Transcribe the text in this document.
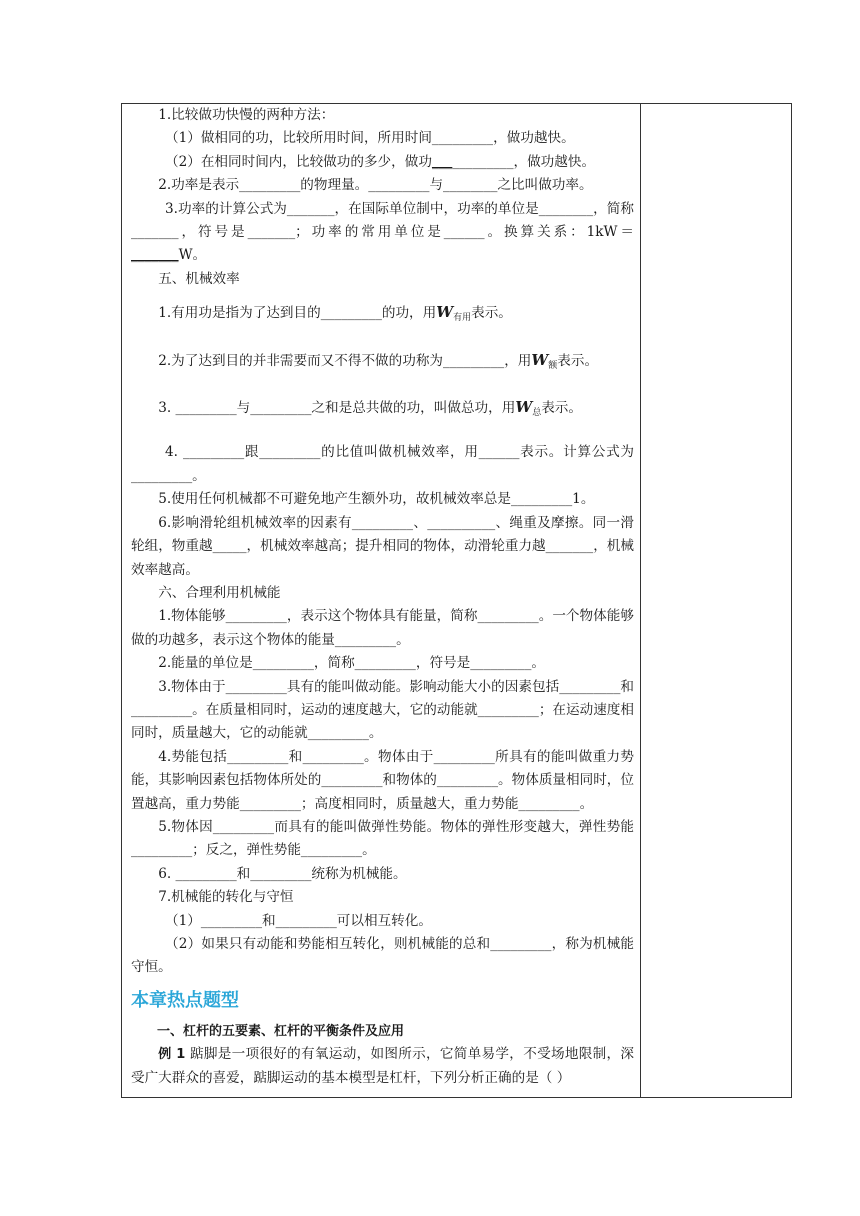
1.比较做功快慢的两种方法：

（1）做相同的功，比较所用时间，所用时间_________，做功越快。

（2）在相同时间内，比较做功的多少，做功____________，做功越快。

2.功率是表示_________的物理量。_________与________之比叫做功率。

3.功率的计算公式为_______，在国际单位制中，功率的单位是________，简称_______，符号是_______；功率的常用单位是______。换算关系：1kW＝_______W。

五、机械效率

1.有用功是指为了达到目的_________的功，用$W_{有用}$表示。

2.为了达到目的并非需要而又不得不做的功称为_________，用$W_额$表示。

3. _________与_________之和是总共做的功，叫做总功，用$W_总$表示。

4. _________跟_________的比值叫做机械效率，用______表示。计算公式为_________。

5.使用任何机械都不可避免地产生额外功，故机械效率总是_________1。

6.影响滑轮组机械效率的因素有_________、__________、绳重及摩擦。同一滑轮组，物重越_____，机械效率越高；提升相同的物体，动滑轮重力越_______，机械效率越高。

六、合理利用机械能

1.物体能够_________，表示这个物体具有能量，简称_________。一个物体能够做的功越多，表示这个物体的能量_________。

2.能量的单位是_________，简称_________，符号是_________。

3.物体由于_________具有的能叫做动能。影响动能大小的因素包括_________和_________。在质量相同时，运动的速度越大，它的动能就_________；在运动速度相同时，质量越大，它的动能就_________。

4.势能包括_________和_________。物体由于_________所具有的能叫做重力势能，其影响因素包括物体所处的_________和物体的_________。物体质量相同时，位置越高，重力势能_________；高度相同时，质量越大，重力势能_________。

5.物体因_________而具有的能叫做弹性势能。物体的弹性形变越大，弹性势能_________；反之，弹性势能_________。

6. _________和_________统称为机械能。

7.机械能的转化与守恒

（1）_________和_________可以相互转化。

（2）如果只有动能和势能相互转化，则机械能的总和_________，称为机械能守恒。

本章热点题型

一、杠杆的五要素、杠杆的平衡条件及应用

例 1 踮脚是一项很好的有氧运动，如图所示，它简单易学，不受场地限制，深受广大群众的喜爱，踮脚运动的基本模型是杠杆，下列分析正确的是（ ）
